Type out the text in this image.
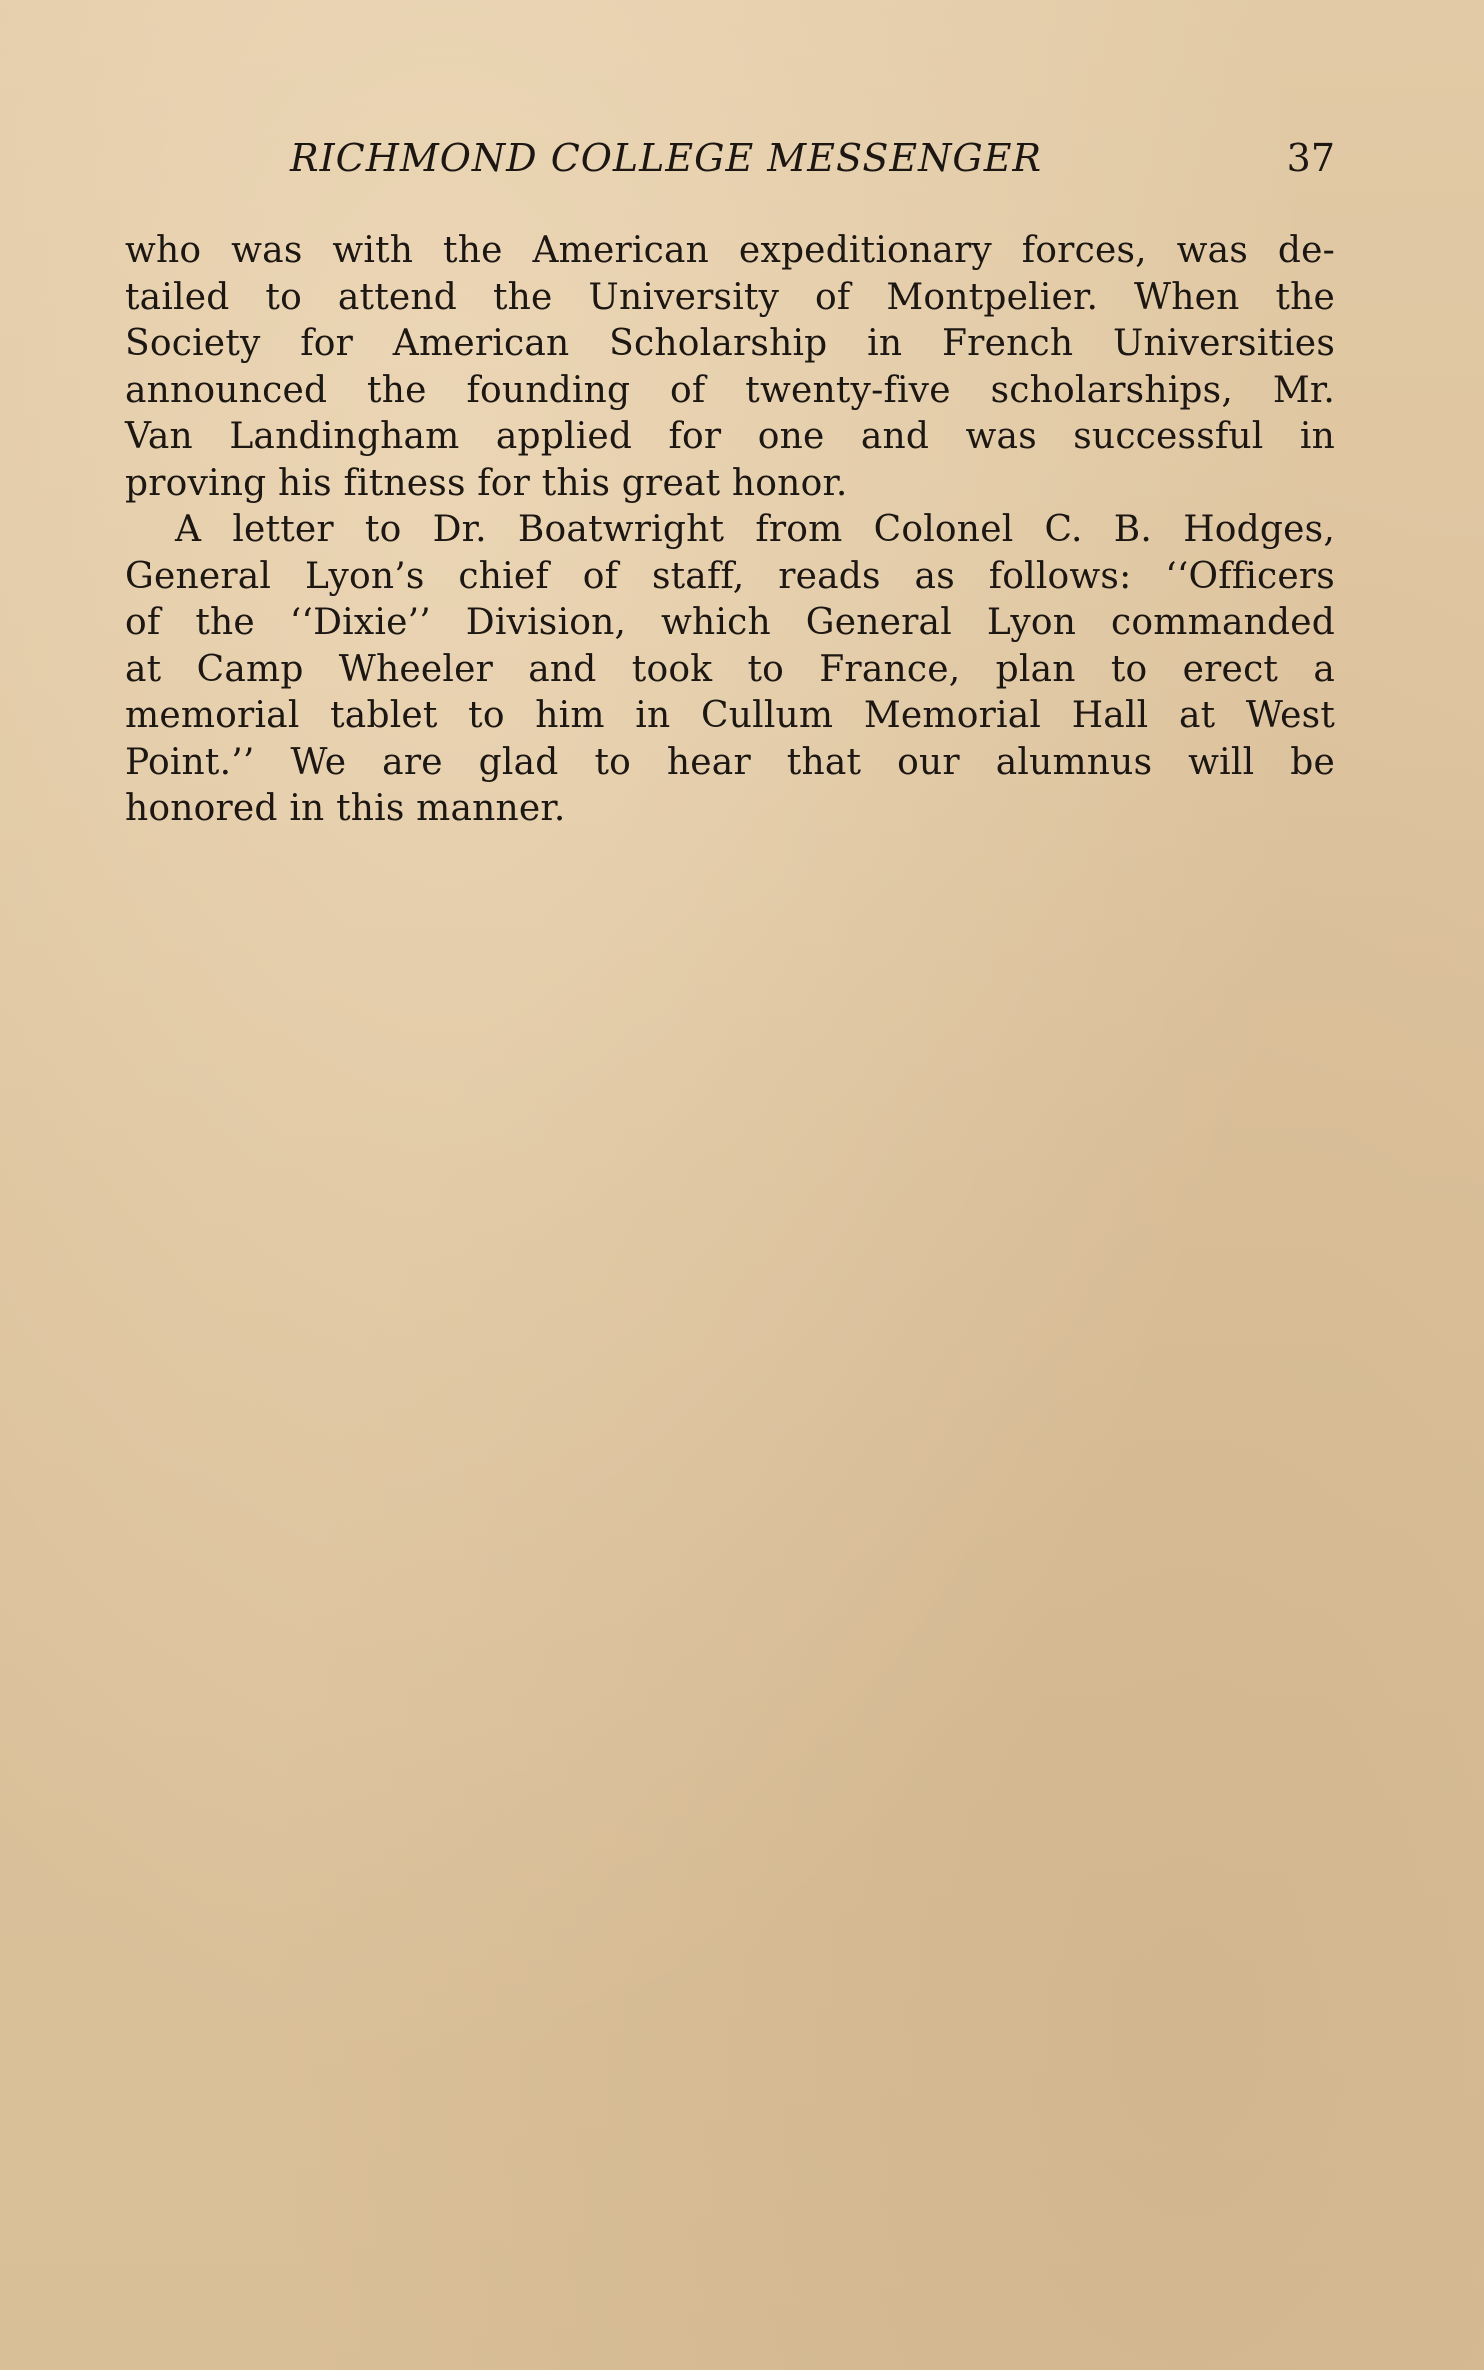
RICHMOND COLLEGE MESSENGER	37
who was with the American expeditionary forces, was de-
tailed to attend the University of Montpelier. When the
Society for American Scholarship in French Universities
announced the founding of twenty-five scholarships, Mr.
Van Landingham applied for one and was successful in
proving his fitness for this great honor.
A letter to Dr. Boatwright from Colonel C. B. Hodges,
General Lyon’s chief of staff, reads as follows: ‘‘Officers
of the ‘‘Dixie’’ Division, which General Lyon commanded
at Camp Wheeler and took to France, plan to erect a
memorial tablet to him in Cullum Memorial Hall at West
Point.’’ We are glad to hear that our alumnus will be
honored in this manner.
